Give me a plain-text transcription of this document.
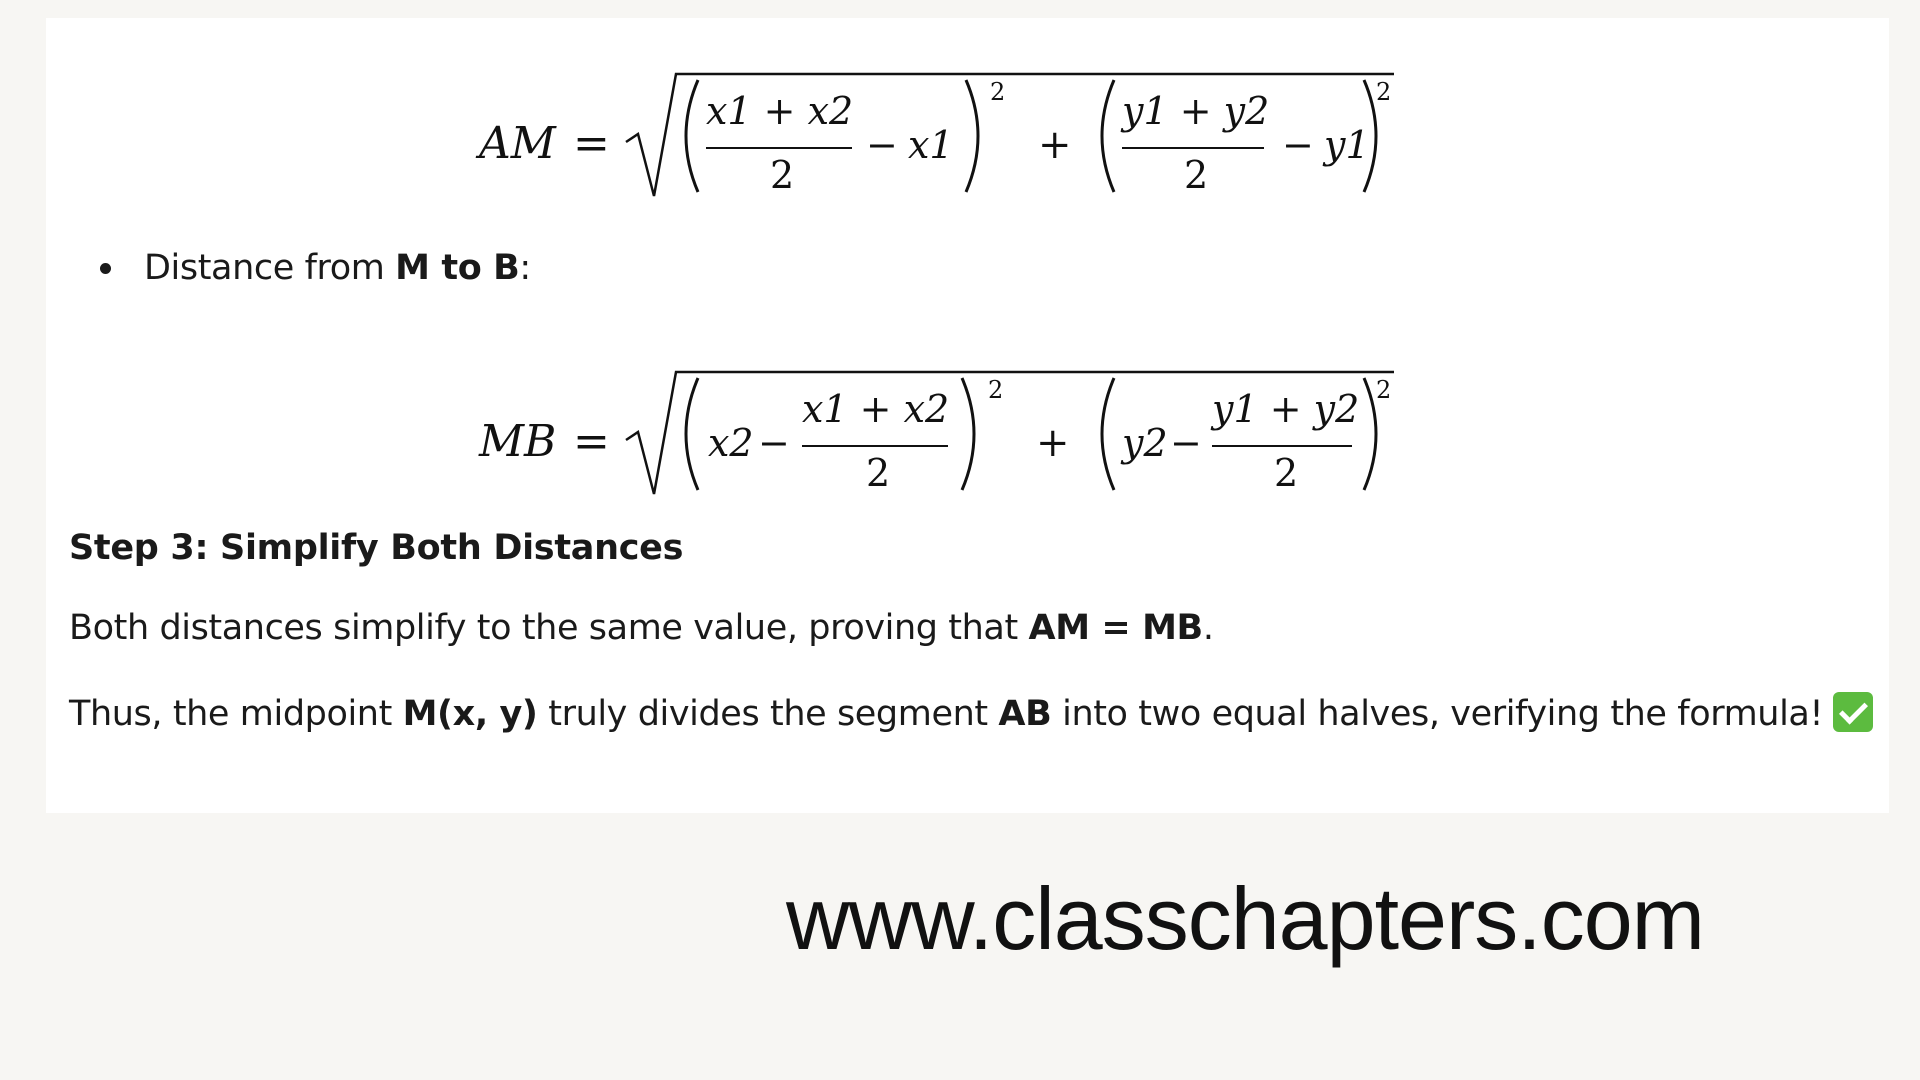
AM =
x1 + x2
2
− x1
2
+
y1 + y2
2
− y1
2
Distance from M to B:
MB =	x2 −
x1 + x2
2
2
+ y2 −
y1 + y2
2
2
Step 3: Simplify Both Distances
Both distances simplify to the same value, proving that AM = MB.
Thus, the midpoint M(x, y) truly divides the segment AB into two equal halves, verifying the formula!
www.classchapters.com
